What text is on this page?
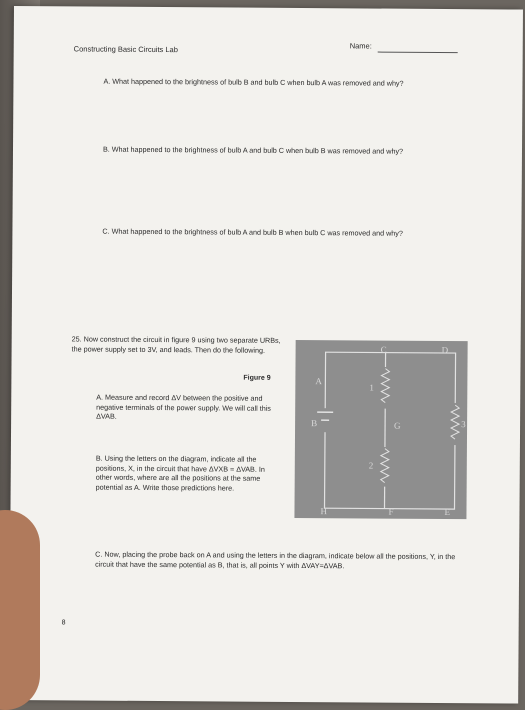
Constructing Basic Circuits Lab	Name:
A. What happened to the brightness of bulb B and bulb C when bulb A was removed and why?
B. What happened to the brightness of bulb A and bulb C when bulb B was removed and why?
C. What happened to the brightness of bulb A and bulb B when bulb C was removed and why?
25. Now construct the circuit in figure 9 using two separate URBs, the power supply set to 3V, and leads. Then do the following.
Figure 9
A. Measure and record ΔV between the positive and negative terminals of the power supply. We will call this ΔVAB.
B. Using the letters on the diagram, indicate all the positions, X, in the circuit that have ΔVXB = ΔVAB. In other words, where are all the positions at the same potential as A. Write those predictions here.
C. Now, placing the probe back on A and using the letters in the diagram, indicate below all the positions, Y, in the circuit that have the same potential as B, that is, all points Y with ΔVAY=ΔVAB.
A
B
C	D
E
F
G
H
1
2
3
8
